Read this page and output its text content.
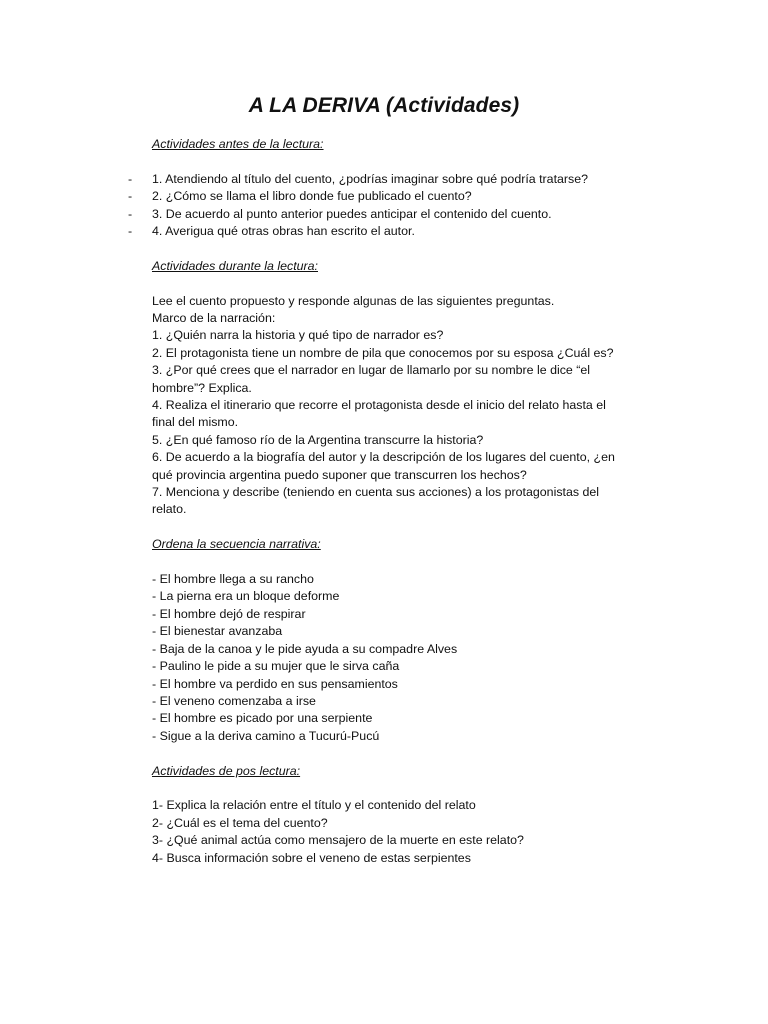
A LA DERIVA (Actividades)

Actividades antes de la lectura:

-	1. Atendiendo al título del cuento, ¿podrías imaginar sobre qué podría tratarse?
-	2. ¿Cómo se llama el libro donde fue publicado el cuento?
-	3. De acuerdo al punto anterior puedes anticipar el contenido del cuento.
-	4. Averigua qué otras obras han escrito el autor.

Actividades durante la lectura:

Lee el cuento propuesto y responde algunas de las siguientes preguntas.

Marco de la narración:

1. ¿Quién narra la historia y qué tipo de narrador es?

2. El protagonista tiene un nombre de pila que conocemos por su esposa ¿Cuál es?

3. ¿Por qué crees que el narrador en lugar de llamarlo por su nombre le dice “el

hombre”? Explica.

4. Realiza el itinerario que recorre el protagonista desde el inicio del relato hasta el

final del mismo.

5. ¿En qué famoso río de la Argentina transcurre la historia?

6. De acuerdo a la biografía del autor y la descripción de los lugares del cuento, ¿en

qué provincia argentina puedo suponer que transcurren los hechos?

7. Menciona y describe (teniendo en cuenta sus acciones) a los protagonistas del

relato.

Ordena la secuencia narrativa:

- El hombre llega a su rancho
- La pierna era un bloque deforme
- El hombre dejó de respirar
- El bienestar avanzaba
- Baja de la canoa y le pide ayuda a su compadre Alves
- Paulino le pide a su mujer que le sirva caña
- El hombre va perdido en sus pensamientos
- El veneno comenzaba a irse
- El hombre es picado por una serpiente
- Sigue a la deriva camino a Tucurú-Pucú

Actividades de pos lectura:

1- Explica la relación entre el título y el contenido del relato
2- ¿Cuál es el tema del cuento?
3- ¿Qué animal actúa como mensajero de la muerte en este relato?
4- Busca información sobre el veneno de estas serpientes
